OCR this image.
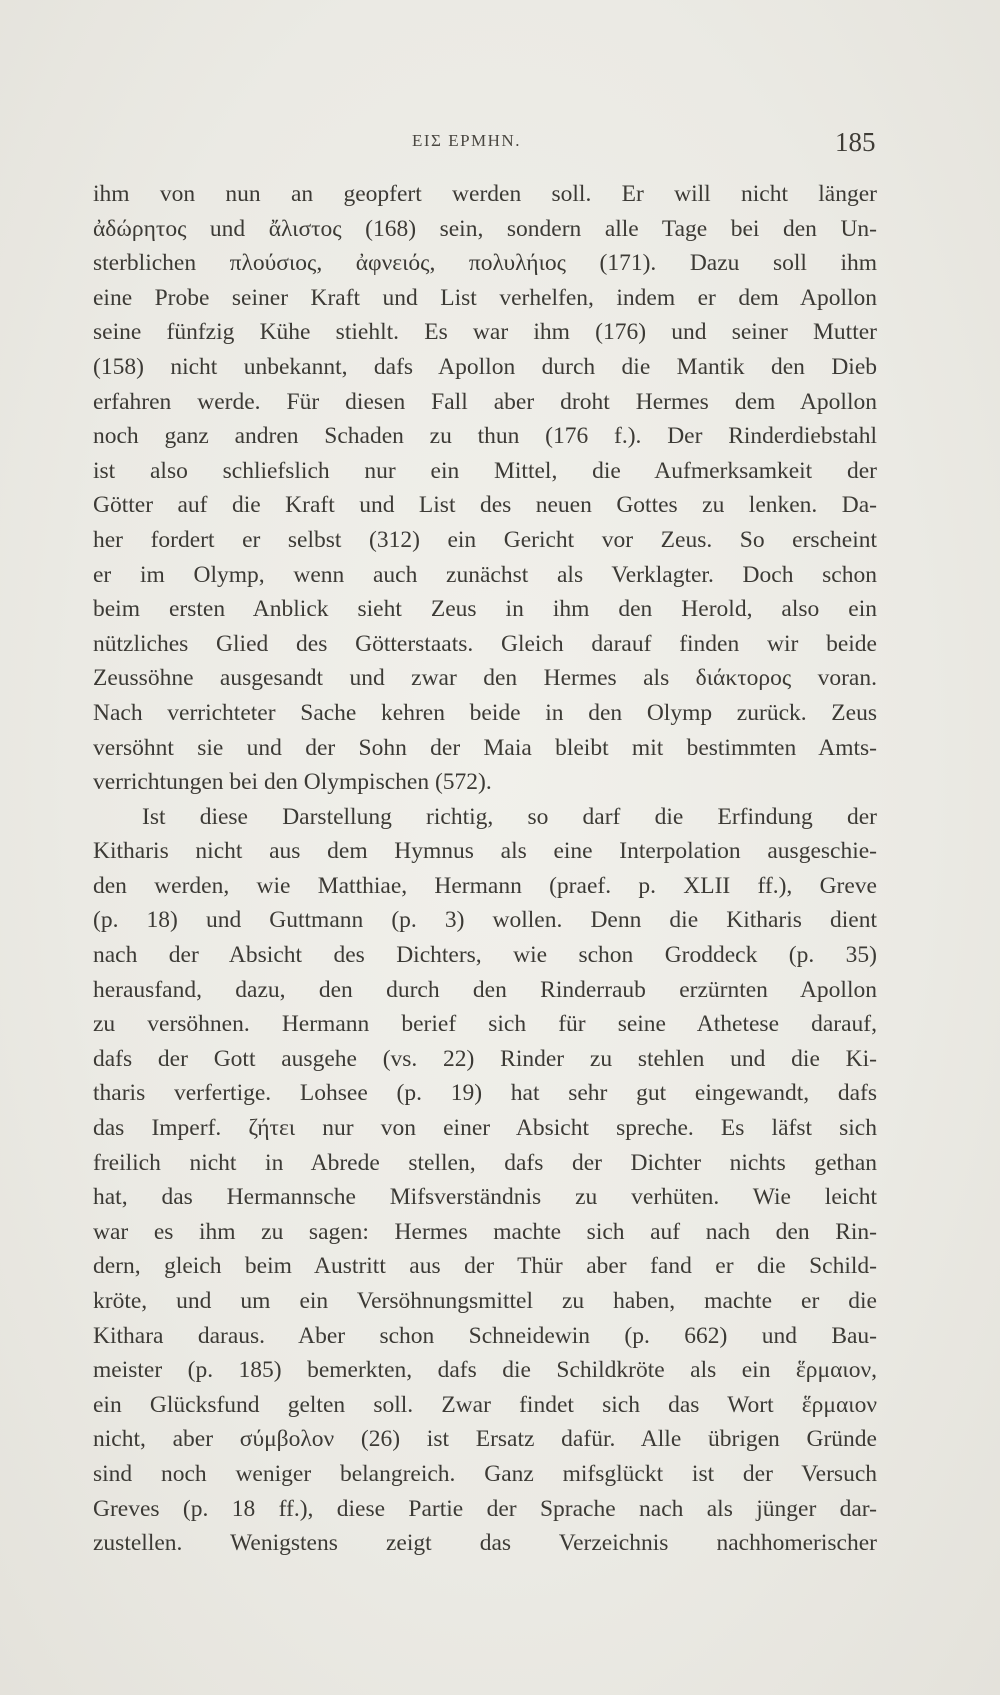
ΕΙΣ ΕΡΜΗΝ.	185
ihm von nun an geopfert werden soll. Er will nicht länger
ἀδώρητος und ἄλιστος (168) sein, sondern alle Tage bei den Un-
sterblichen πλούσιος, ἀφνειός, πολυλήιος (171). Dazu soll ihm
eine Probe seiner Kraft und List verhelfen, indem er dem Apollon
seine fünfzig Kühe stiehlt. Es war ihm (176) und seiner Mutter
(158) nicht unbekannt, dafs Apollon durch die Mantik den Dieb
erfahren werde. Für diesen Fall aber droht Hermes dem Apollon
noch ganz andren Schaden zu thun (176 f.). Der Rinderdiebstahl
ist also schliefslich nur ein Mittel, die Aufmerksamkeit der
Götter auf die Kraft und List des neuen Gottes zu lenken. Da-
her fordert er selbst (312) ein Gericht vor Zeus. So erscheint
er im Olymp, wenn auch zunächst als Verklagter. Doch schon
beim ersten Anblick sieht Zeus in ihm den Herold, also ein
nützliches Glied des Götterstaats. Gleich darauf finden wir beide
Zeussöhne ausgesandt und zwar den Hermes als διάκτορος voran.
Nach verrichteter Sache kehren beide in den Olymp zurück. Zeus
versöhnt sie und der Sohn der Maia bleibt mit bestimmten Amts-
verrichtungen bei den Olympischen (572).
Ist diese Darstellung richtig, so darf die Erfindung der
Kitharis nicht aus dem Hymnus als eine Interpolation ausgeschie-
den werden, wie Matthiae, Hermann (praef. p. XLII ff.), Greve
(p. 18) und Guttmann (p. 3) wollen. Denn die Kitharis dient
nach der Absicht des Dichters, wie schon Groddeck (p. 35)
herausfand, dazu, den durch den Rinderraub erzürnten Apollon
zu versöhnen. Hermann berief sich für seine Athetese darauf,
dafs der Gott ausgehe (vs. 22) Rinder zu stehlen und die Ki-
tharis verfertige. Lohsee (p. 19) hat sehr gut eingewandt, dafs
das Imperf. ζήτει nur von einer Absicht spreche. Es läfst sich
freilich nicht in Abrede stellen, dafs der Dichter nichts gethan
hat, das Hermannsche Mifsverständnis zu verhüten. Wie leicht
war es ihm zu sagen: Hermes machte sich auf nach den Rin-
dern, gleich beim Austritt aus der Thür aber fand er die Schild-
kröte, und um ein Versöhnungsmittel zu haben, machte er die
Kithara daraus. Aber schon Schneidewin (p. 662) und Bau-
meister (p. 185) bemerkten, dafs die Schildkröte als ein ἕρμαιον,
ein Glücksfund gelten soll. Zwar findet sich das Wort ἕρμαιον
nicht, aber σύμβολον (26) ist Ersatz dafür. Alle übrigen Gründe
sind noch weniger belangreich. Ganz mifsglückt ist der Versuch
Greves (p. 18 ff.), diese Partie der Sprache nach als jünger dar-
zustellen. Wenigstens zeigt das Verzeichnis nachhomerischer
